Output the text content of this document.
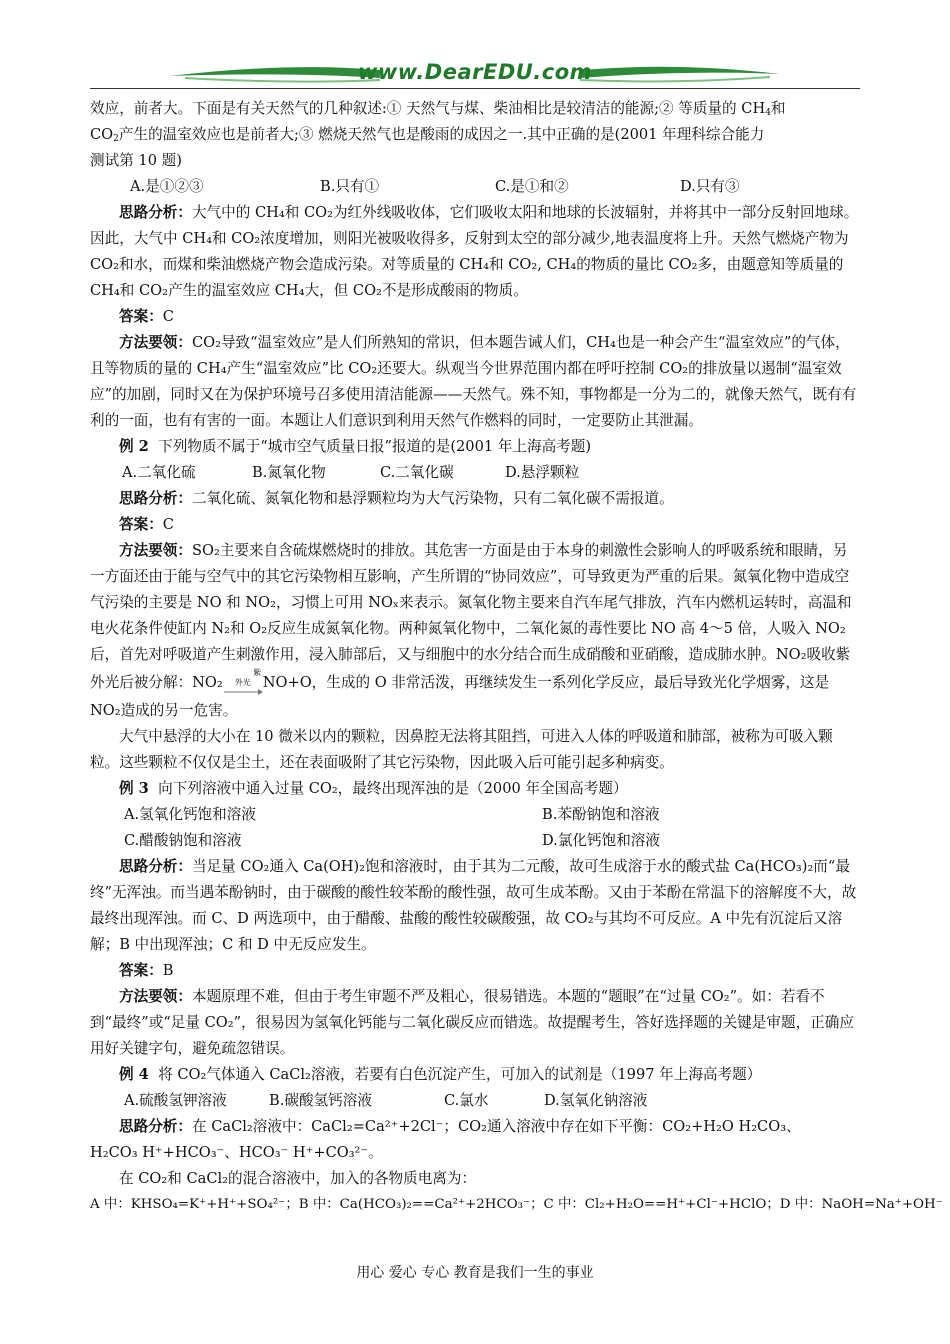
www.DearEDU.com

效应，前者大。下面是有关天然气的几种叙述:① 天然气与煤、柴油相比是较清洁的能源;② 等质量的 $CH_4$和

$CO_2$产生的温室效应也是前者大;③ 燃烧天然气也是酸雨的成因之一.其中正确的是(2001 年理科综合能力

测试第 10 题)

A.是①②③	B.只有①	C.是①和②	D.只有③

思路分析：大气中的 CH₄和 CO₂为红外线吸收体，它们吸收太阳和地球的长波辐射，并将其中一部分反射回地球。因此，大气中 CH₄和 CO₂浓度增加，则阳光被吸收得多，反射到太空的部分减少,地表温度将上升。天然气燃烧产物为 CO₂和水，而煤和柴油燃烧产物会造成污染。对等质量的 CH₄和 CO₂, CH₄的物质的量比 CO₂多，由题意知等质量的 CH₄和 CO₂产生的温室效应 CH₄大，但 CO₂不是形成酸雨的物质。

答案：C

方法要领：CO₂导致“温室效应”是人们所熟知的常识，但本题告诫人们，CH₄也是一种会产生“温室效应”的气体，且等物质的量的 CH₄产生“温室效应”比 CO₂还要大。纵观当今世界范围内都在呼吁控制 CO₂的排放量以遏制“温室效应”的加剧，同时又在为保护环境号召多使用清洁能源——天然气。殊不知，事物都是一分为二的，就像天然气，既有有利的一面，也有有害的一面。本题让人们意识到利用天然气作燃料的同时，一定要防止其泄漏。

例 2 下列物质不属于“城市空气质量日报”报道的是(2001 年上海高考题)

A.二氧化硫	B.氮氧化物	C.二氧化碳	D.悬浮颗粒

思路分析：二氧化硫、氮氧化物和悬浮颗粒均为大气污染物，只有二氧化碳不需报道。

答案：C

方法要领：SO₂主要来自含硫煤燃烧时的排放。其危害一方面是由于本身的刺激性会影响人的呼吸系统和眼睛，另一方面还由于能与空气中的其它污染物相互影响，产生所谓的“协同效应”，可导致更为严重的后果。氮氧化物中造成空气污染的主要是 NO 和 NO₂，习惯上可用 NOₓ来表示。氮氧化物主要来自汽车尾气排放，汽车内燃机运转时，高温和电火花条件使缸内 N₂和 O₂反应生成氮氧化物。两种氮氧化物中，二氧化氮的毒性要比 NO 高 4～5 倍，人吸入 NO₂后，首先对呼吸道产生刺激作用，浸入肺部后，又与细胞中的水分结合而生成硝酸和亚硝酸，造成肺水肿。NO₂吸收紫外光后被分解：NO₂紫外光 NO+O，生成的 O 非常活泼，再继续发生一系列化学反应，最后导致光化学烟雾，这是 NO₂造成的另一危害。

大气中悬浮的大小在 10 微米以内的颗粒，因鼻腔无法将其阻挡，可进入人体的呼吸道和肺部，被称为可吸入颗粒。这些颗粒不仅仅是尘土，还在表面吸附了其它污染物，因此吸入后可能引起多种病变。

例 3 向下列溶液中通入过量 CO₂，最终出现浑浊的是（2000 年全国高考题）

A.氢氧化钙饱和溶液	B.苯酚钠饱和溶液
C.醋酸钠饱和溶液	D.氯化钙饱和溶液

思路分析：当足量 CO₂通入 Ca(OH)₂饱和溶液时，由于其为二元酸，故可生成溶于水的酸式盐 Ca(HCO₃)₂而“最终”无浑浊。而当遇苯酚钠时，由于碳酸的酸性较苯酚的酸性强，故可生成苯酚。又由于苯酚在常温下的溶解度不大，故最终出现浑浊。而 C、D 两选项中，由于醋酸、盐酸的酸性较碳酸强，故 CO₂与其均不可反应。A 中先有沉淀后又溶解；B 中出现浑浊；C 和 D 中无反应发生。

答案：B

方法要领：本题原理不难，但由于考生审题不严及粗心，很易错选。本题的“题眼”在“过量 CO₂”。如：若看不到“最终”或“足量 CO₂”，很易因为氢氧化钙能与二氧化碳反应而错选。故提醒考生，答好选择题的关键是审题，正确应用好关键字句，避免疏忽错误。

例 4 将 CO₂气体通入 CaCl₂溶液，若要有白色沉淀产生，可加入的试剂是（1997 年上海高考题）

A.硫酸氢钾溶液	B.碳酸氢钙溶液	C.氯水	D.氢氧化钠溶液

思路分析：在 CaCl₂溶液中：CaCl₂=Ca²⁺+2Cl⁻；CO₂通入溶液中存在如下平衡：CO₂+H₂O H₂CO₃、

H₂CO₃ H⁺+HCO₃⁻、HCO₃⁻ H⁺+CO₃²⁻。

在 CO₂和 CaCl₂的混合溶液中，加入的各物质电离为：

A 中：KHSO₄=K⁺+H⁺+SO₄²⁻；B 中：Ca(HCO₃)₂==Ca²⁺+2HCO₃⁻；C 中：Cl₂+H₂O==H⁺+Cl⁻+HClO；D 中：NaOH=Na⁺+OH⁻

用心 爱心 专心 教育是我们一生的事业
